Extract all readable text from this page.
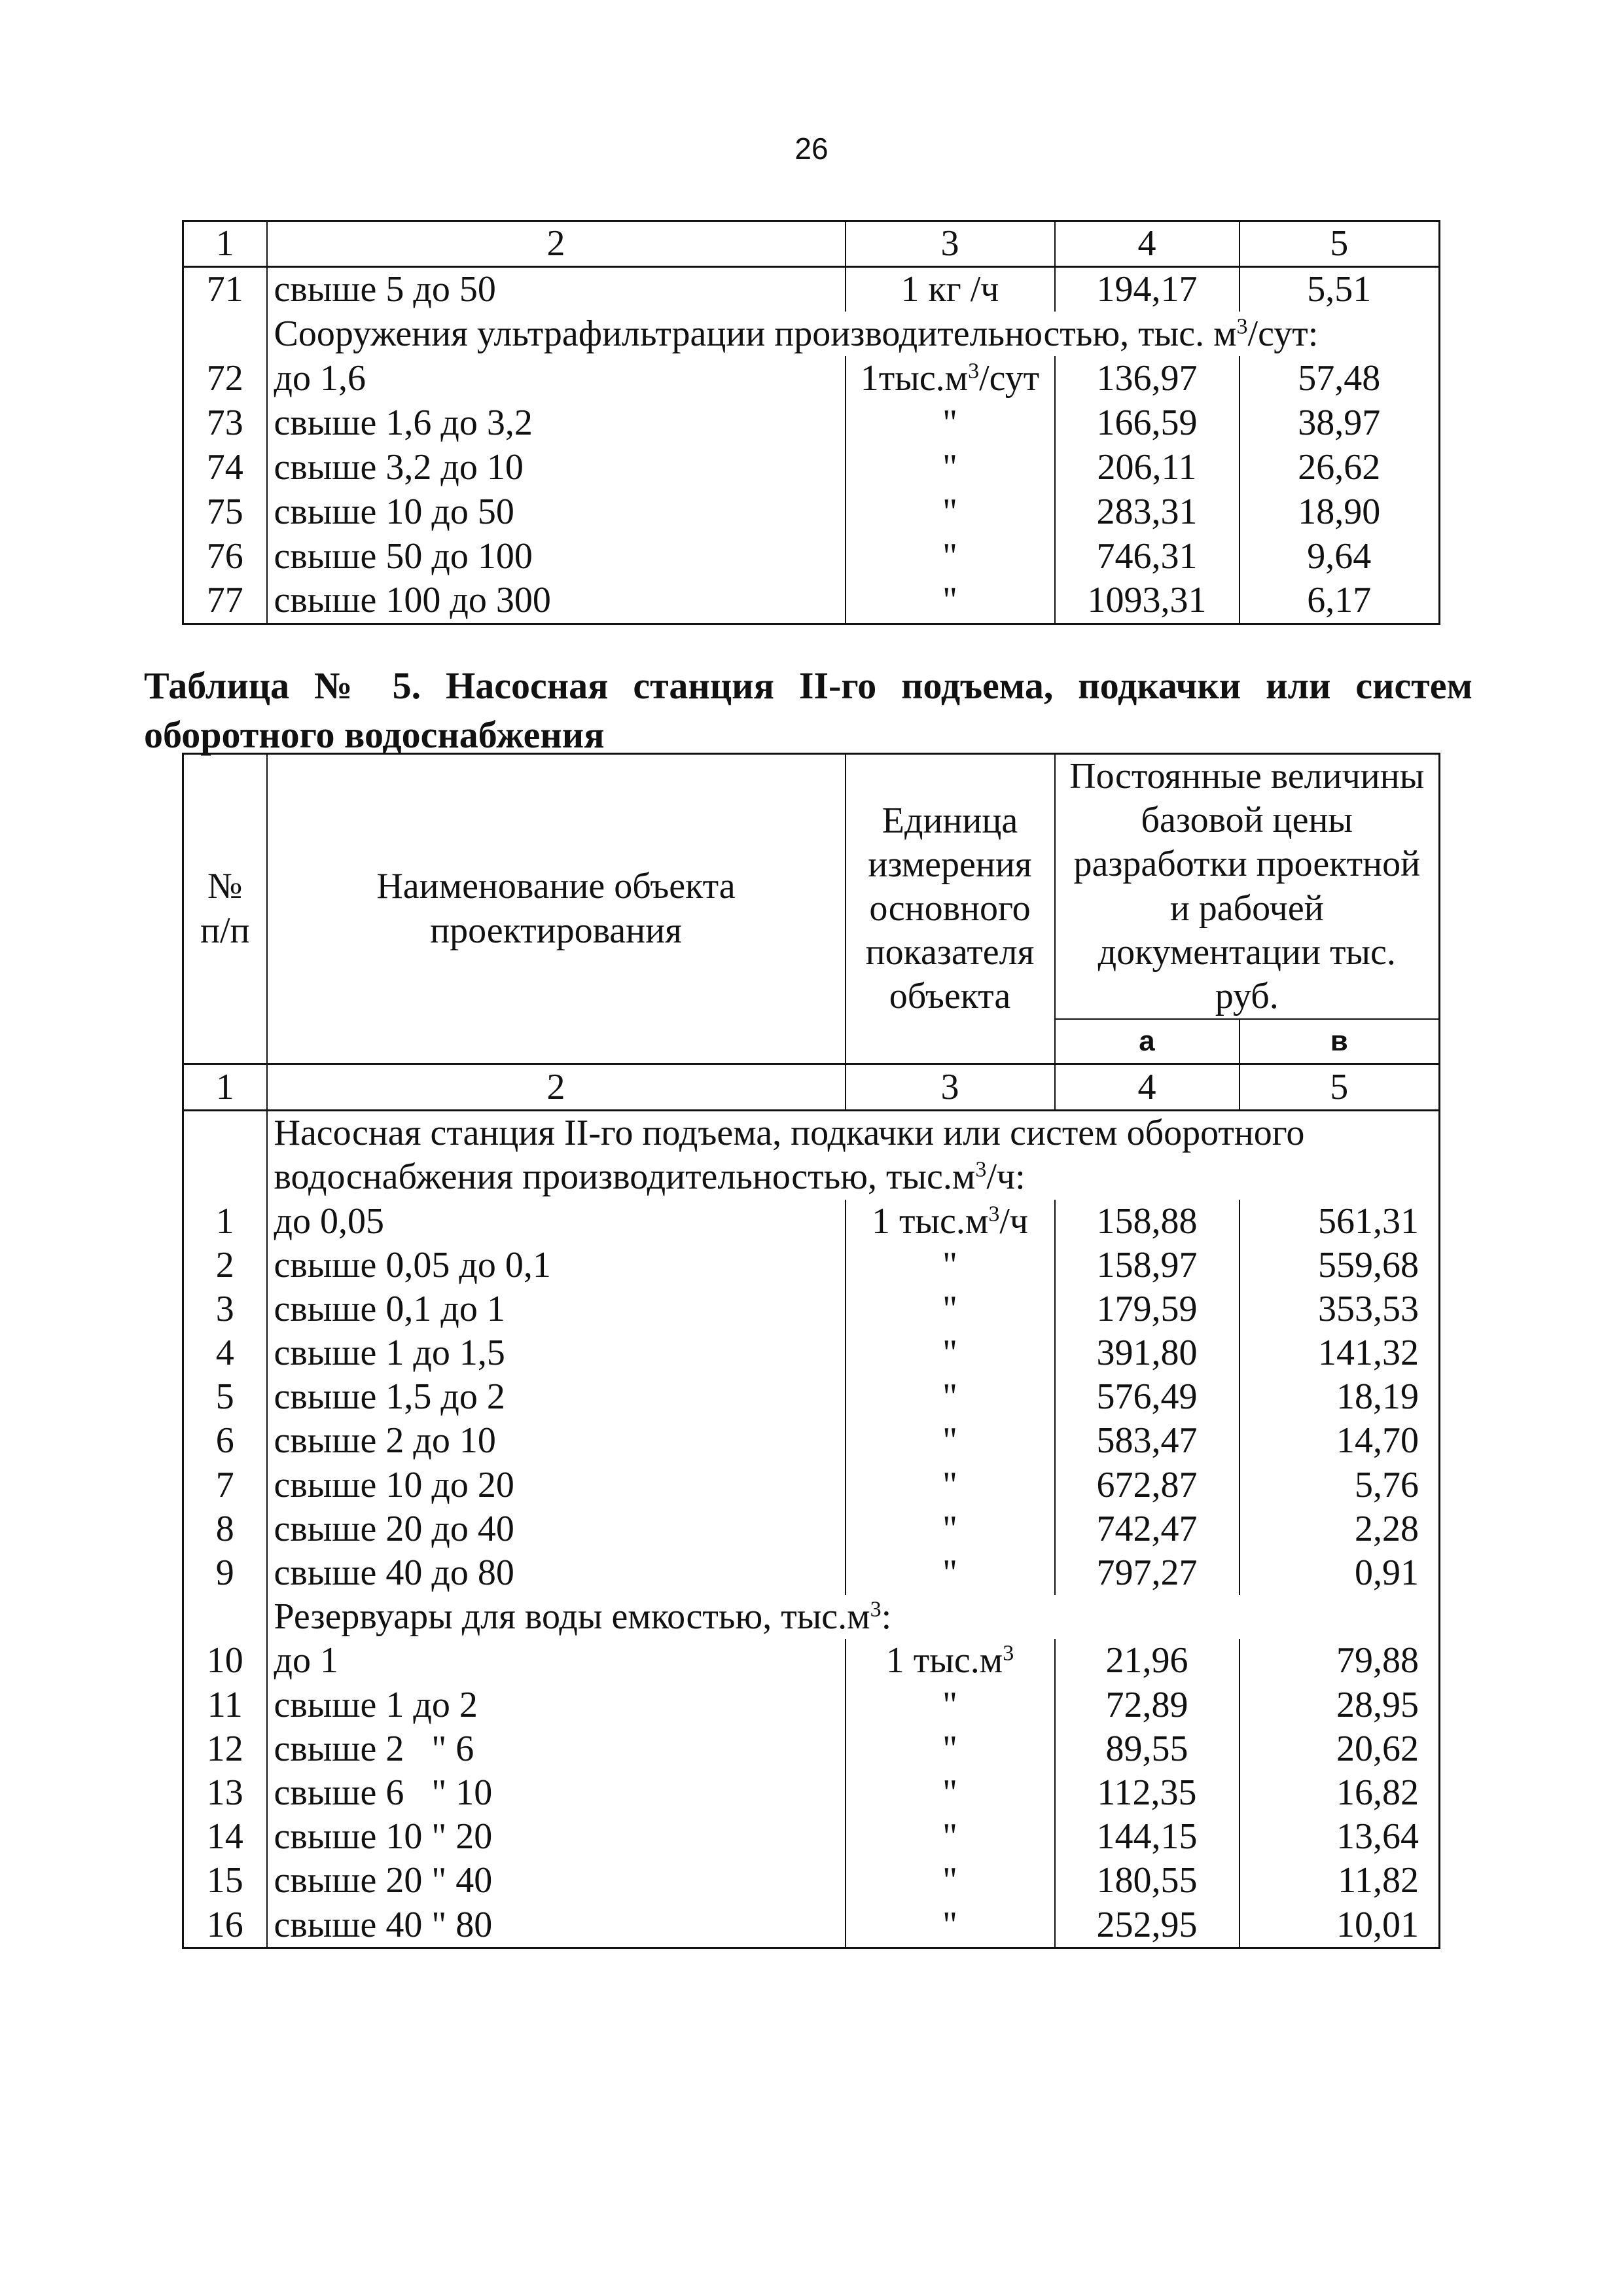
26
1	2	3	4	5
71	свыше 5 до 50	1 кг /ч	194,17	5,51
	Сооружения ультрафильтрации производительностью, тыс. $м^3$/сут:			
72	до 1,6	$1тыс.м^3$/сут	136,97	57,48
73	свыше 1,6 до 3,2	"	166,59	38,97
74	свыше 3,2 до 10	"	206,11	26,62
75	свыше 10 до 50	"	283,31	18,90
76	свыше 50 до 100	"	746,31	9,64
77	свыше 100 до 300	"	1093,31	6,17
Таблица № 5. Насосная станция II-го подъема, подкачки или систем оборотного водоснабжения
№ п/п	Наименование объекта проектирования	Единица измерения основного показателя объекта	Постоянные величины базовой цены разработки проектной и рабочей документации тыс. руб.	
			а	в
1	2	3	4	5
	Насосная станция II-го подъема, подкачки или систем оборотного водоснабжения производительностью, $тыс.м^3/ч$:			
1	до 0,05	1 $тыс.м^3/ч$	158,88	561,31
2	свыше 0,05 до 0,1	"	158,97	559,68
3	свыше 0,1 до 1	"	179,59	353,53
4	свыше 1 до 1,5	"	391,80	141,32
5	свыше 1,5 до 2	"	576,49	18,19
6	свыше 2 до 10	"	583,47	14,70
7	свыше 10 до 20	"	672,87	5,76
8	свыше 20 до 40	"	742,47	2,28
9	свыше 40 до 80	"	797,27	0,91
	Резервуары для воды емкостью, $тыс.м^3$:			
10	до 1	1 $тыс.м^3$	21,96	79,88
11	свыше 1 до 2	"	72,89	28,95
12	свыше 2   " 6	"	89,55	20,62
13	свыше 6   " 10	"	112,35	16,82
14	свыше 10 " 20	"	144,15	13,64
15	свыше 20 " 40	"	180,55	11,82
16	свыше 40 " 80	"	252,95	10,01
